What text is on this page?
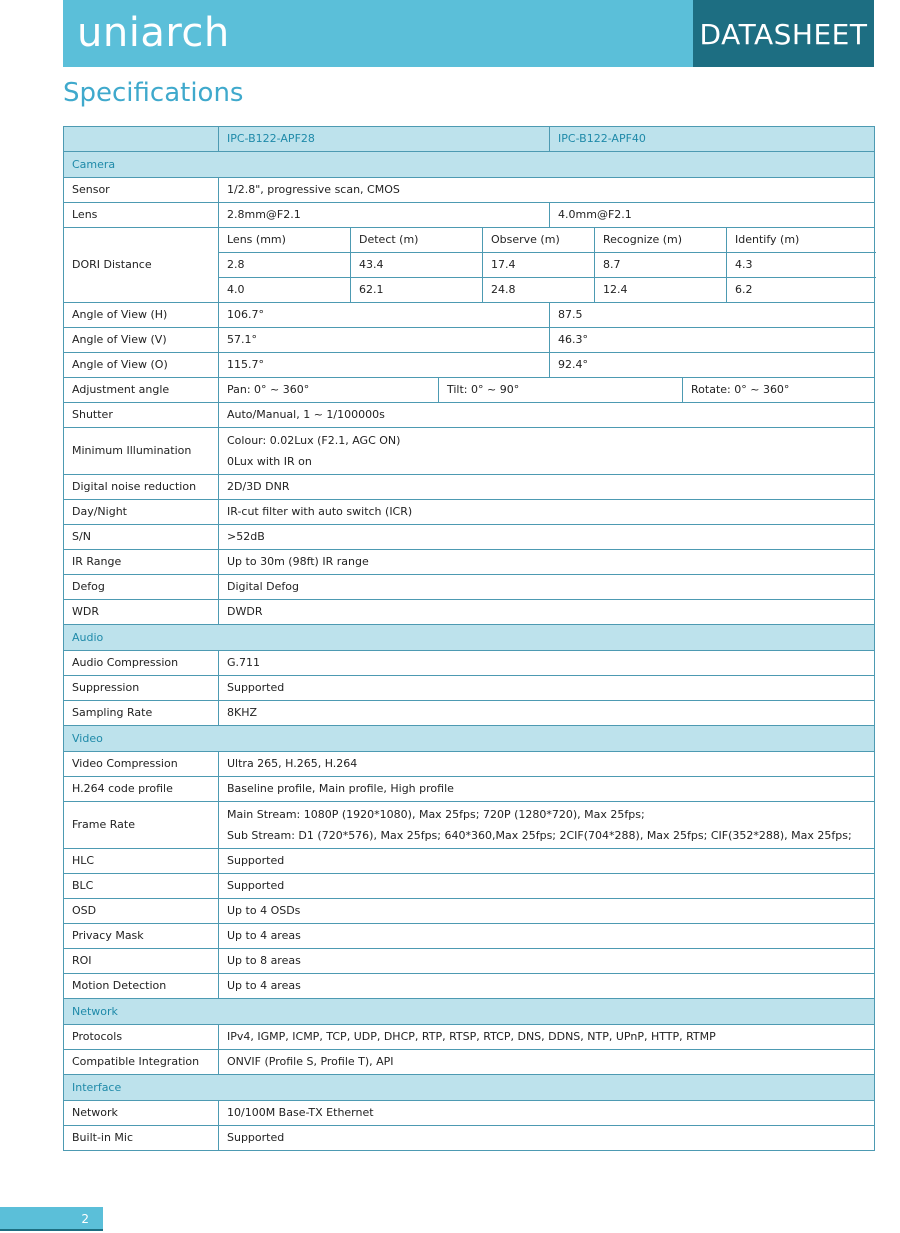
uniarch	DATASHEET
Specifications
	IPC-B122-APF28				IPC-B122-APF40			
Camera								
Sensor	1/2.8", progressive scan, CMOS							
Lens	2.8mm@F2.1				4.0mm@F2.1			
DORI Distance	Lens (mm)	Detect (m)		Observe (m)		Recognize (m)		Identify (m)
	2.8	43.4		17.4		8.7		4.3
	4.0	62.1		24.8		12.4		6.2
Angle of View (H)	106.7°				87.5			
Angle of View (V)	57.1°				46.3°			
Angle of View (O)	115.7°				92.4°			
Adjustment angle	Pan: 0° ~ 360°		Tilt: 0° ~ 90°				Rotate: 0° ~ 360°	
Shutter	Auto/Manual, 1 ~ 1/100000s							
Minimum Illumination	Colour: 0.02Lux (F2.1, AGC ON)
0Lux with IR on							

Digital noise reduction	2D/3D DNR							
Day/Night	IR-cut filter with auto switch (ICR)							
S/N	>52dB							
IR Range	Up to 30m (98ft) IR range							
Defog	Digital Defog							
WDR	DWDR							
Audio								
Audio Compression	G.711							
Suppression	Supported							
Sampling Rate	8KHZ							
Video								
Video Compression	Ultra 265, H.265, H.264							
H.264 code profile	Baseline profile, Main profile, High profile							
Frame Rate	Main Stream: 1080P (1920*1080), Max 25fps; 720P (1280*720), Max 25fps;
Sub Stream: D1 (720*576), Max 25fps; 640*360,Max 25fps; 2CIF(704*288), Max 25fps; CIF(352*288), Max 25fps;							

HLC	Supported							
BLC	Supported							
OSD	Up to 4 OSDs							
Privacy Mask	Up to 4 areas							
ROI	Up to 8 areas							
Motion Detection	Up to 4 areas							
Network								
Protocols	IPv4, IGMP, ICMP, TCP, UDP, DHCP, RTP, RTSP, RTCP, DNS, DDNS, NTP, UPnP, HTTP, RTMP							
Compatible Integration	ONVIF (Profile S, Profile T), API							
Interface								
Network	10/100M Base-TX Ethernet							
Built-in Mic	Supported							
2
